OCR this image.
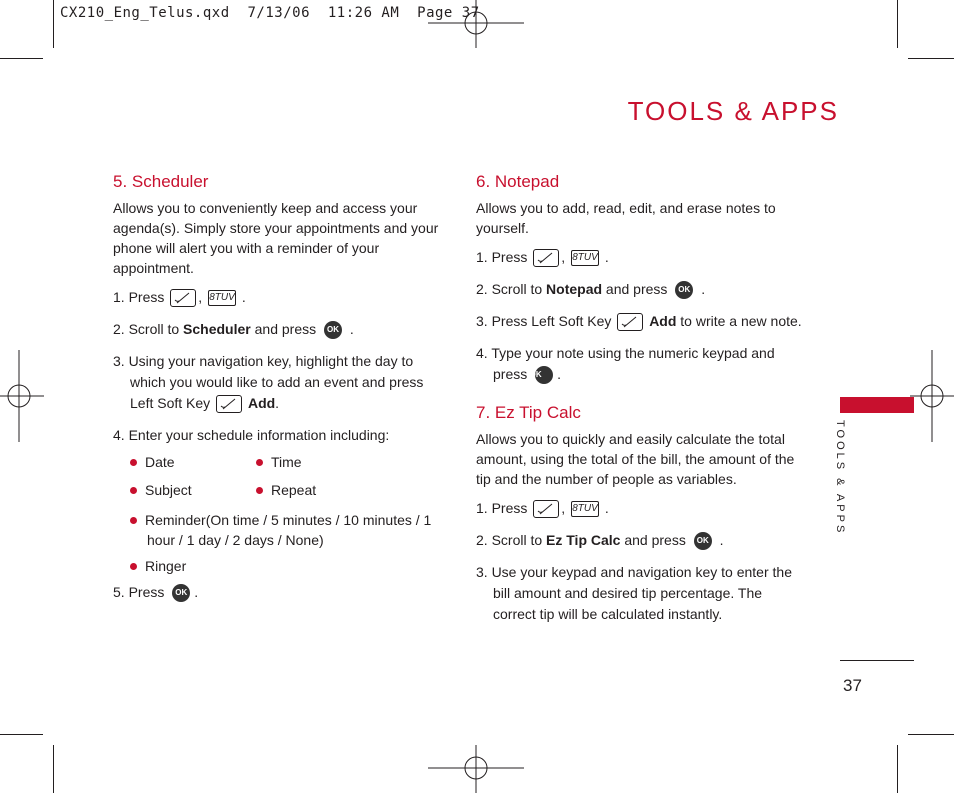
CX210_Eng_Telus.qxd  7/13/06  11:26 AM  Page 37
TOOLS & APPS
5. Scheduler
Allows you to conveniently keep and access your agenda(s). Simply store your appointments and your phone will alert you with a reminder of your appointment.
1. Press , 8TUV .
2. Scroll to Scheduler and press OK .
3. Using your navigation key, highlight the day to which you would like to add an event and press Left Soft Key	Add.
4. Enter your schedule information including:
Date	Time
Subject	Repeat
Reminder(On time / 5 minutes / 10 minutes / 1 hour / 1 day / 2 days / None)
Ringer
5. Press OK .
6. Notepad
Allows you to add, read, edit, and erase notes to yourself.
1. Press , 8TUV .
2. Scroll to Notepad and press OK .
3. Press Left Soft Key	Add to write a new note.
4. Type your note using the numeric keypad and press OK .
7. Ez Tip Calc
Allows you to quickly and easily calculate the total amount, using the total of the bill, the amount of the tip and the number of people as variables.
1. Press , 8TUV .
2. Scroll to Ez Tip Calc and press OK .
3. Use your keypad and navigation key to enter the bill amount and desired tip percentage. The correct tip will be calculated instantly.
TOOLS & APPS
37
